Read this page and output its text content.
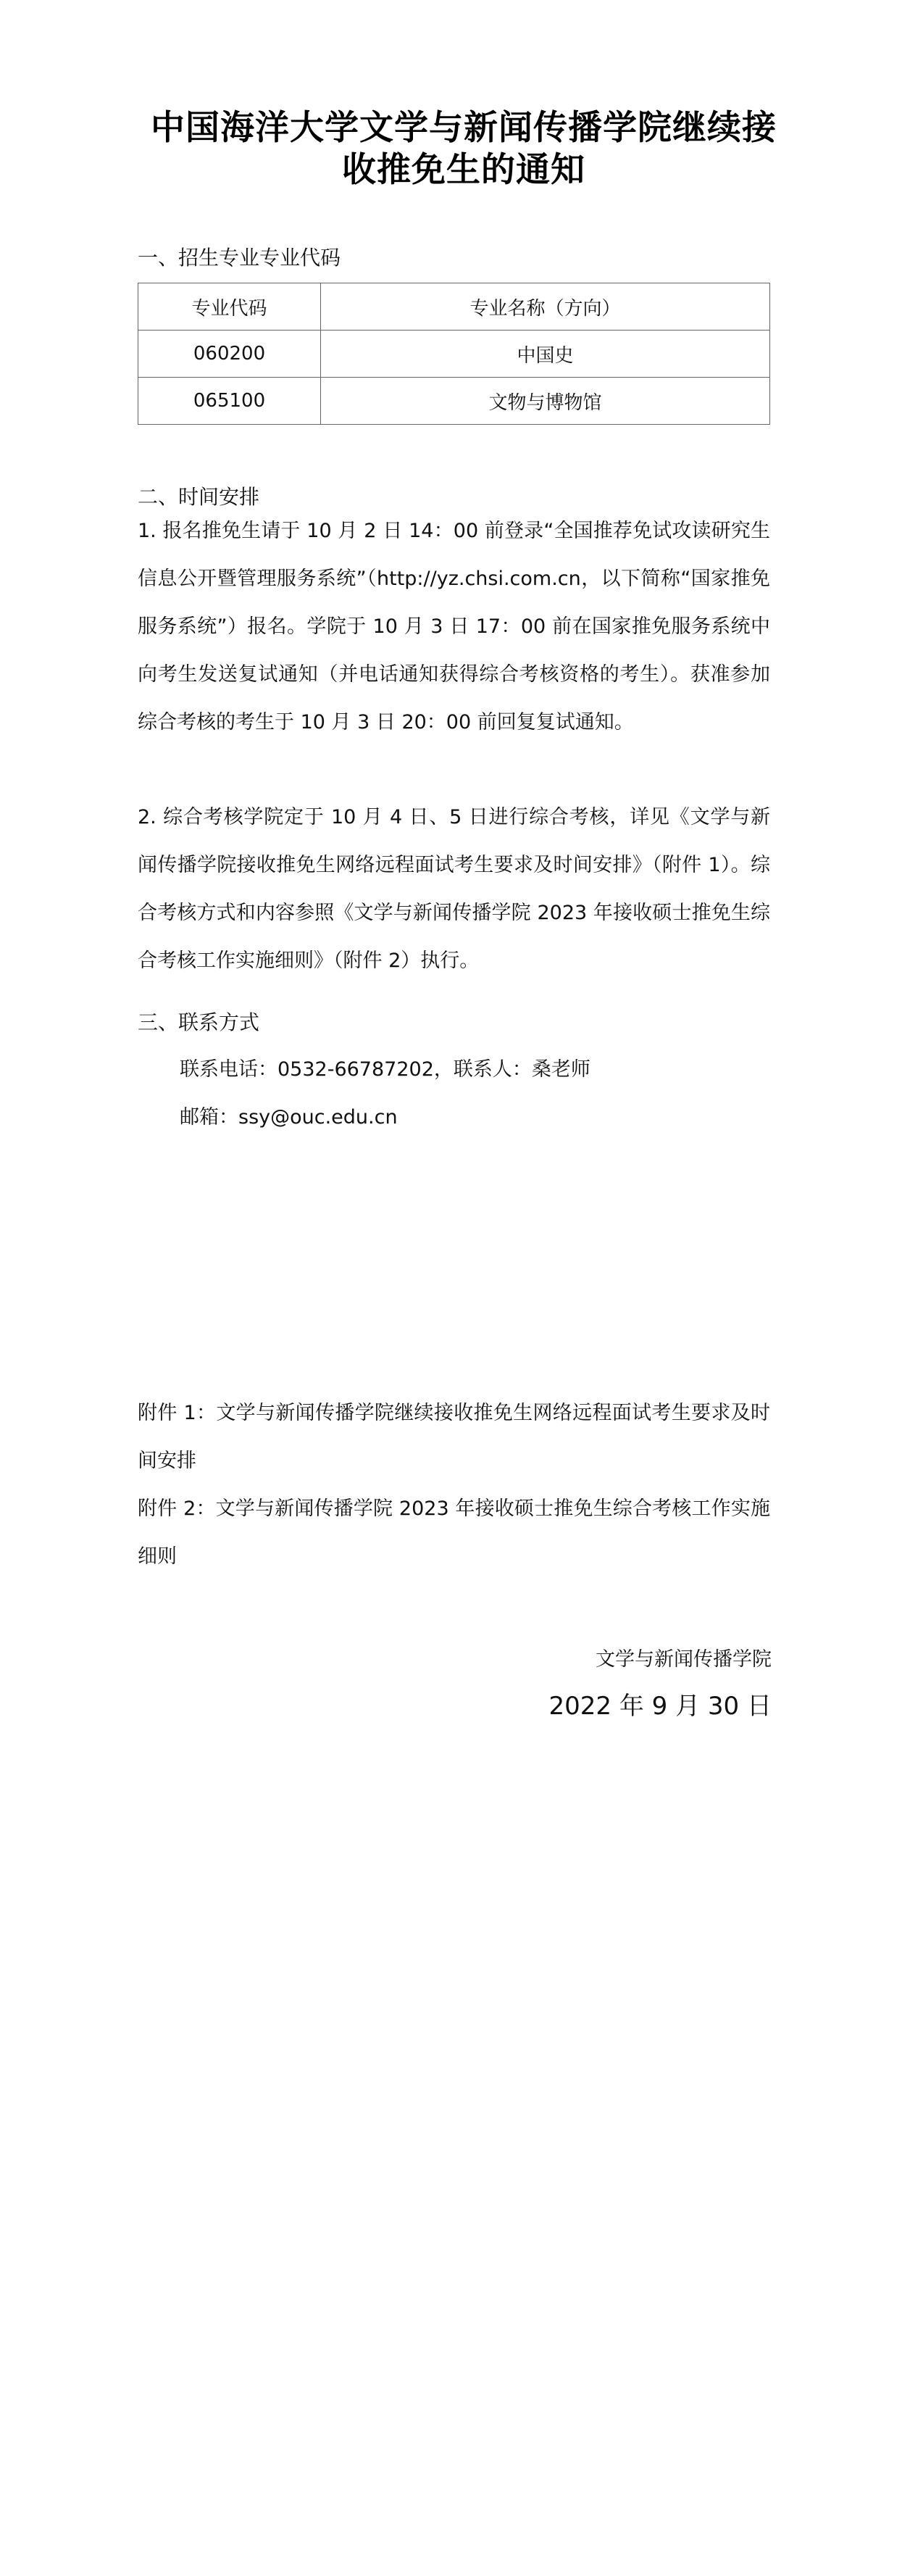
中国海洋大学文学与新闻传播学院继续接
收推免生的通知
一、招生专业专业代码
专业代码	专业名称（方向）
060200	中国史
065100	文物与博物馆
二、时间安排
1. 报名推免生请于 10 月 2 日 14：00 前登录“全国推荐免试攻读研究生信息公开暨管理服务系统”（http://yz.chsi.com.cn，以下简称“国家推免服务系统”）报名。学院于 10 月 3 日 17：00 前在国家推免服务系统中向考生发送复试通知（并电话通知获得综合考核资格的考生）。获准参加综合考核的考生于 10 月 3 日 20：00 前回复复试通知。
2. 综合考核学院定于 10 月 4 日、5 日进行综合考核，详见《文学与新闻传播学院接收推免生网络远程面试考生要求及时间安排》（附件 1）。综合考核方式和内容参照《文学与新闻传播学院 2023 年接收硕士推免生综合考核工作实施细则》（附件 2）执行。
三、联系方式
联系电话：0532-66787202，联系人：桑老师
邮箱：ssy@ouc.edu.cn
附件 1：文学与新闻传播学院继续接收推免生网络远程面试考生要求及时间安排
附件 2：文学与新闻传播学院 2023 年接收硕士推免生综合考核工作实施细则
文学与新闻传播学院
2022 年 9 月 30 日
